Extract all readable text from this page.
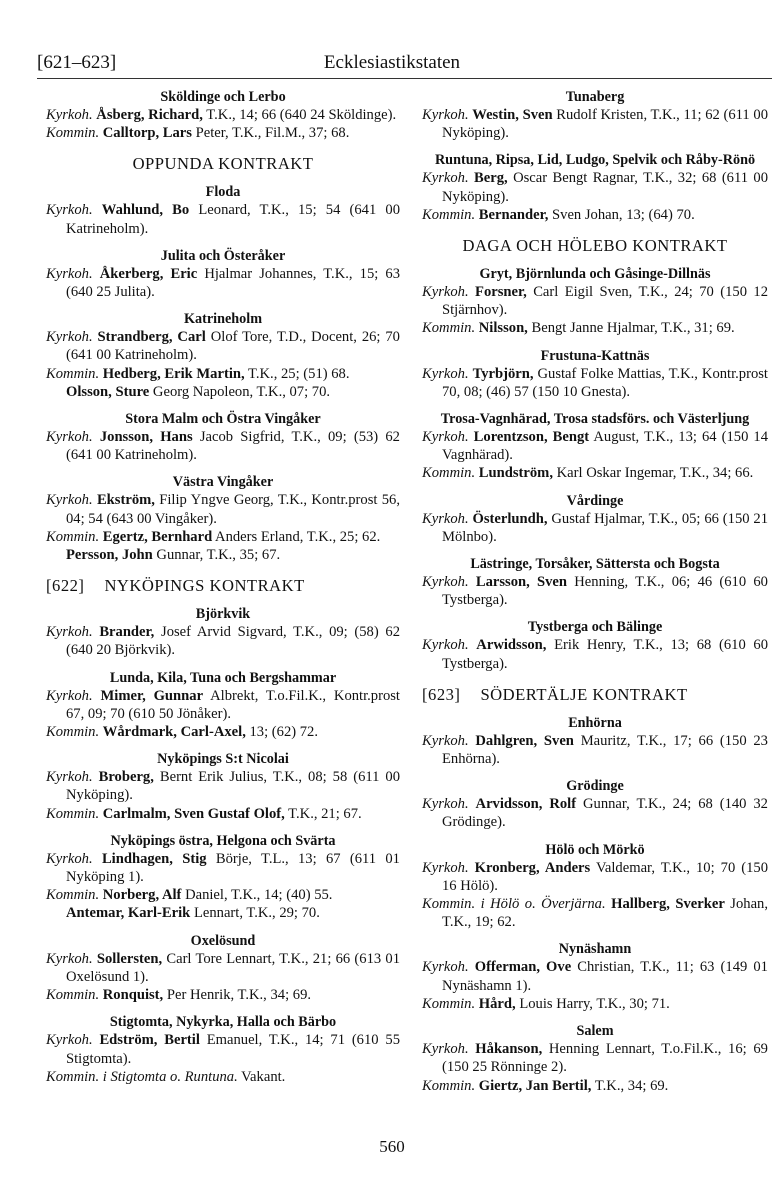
[621–623]	Ecklesiastikstaten
Sköldinge och Lerbo
Kyrkoh. Åsberg, Richard, T.K., 14; 66 (640 24 Sköldinge).
Kommin. Calltorp, Lars Peter, T.K., Fil.M., 37; 68.
OPPUNDA KONTRAKT
Floda
Kyrkoh. Wahlund, Bo Leonard, T.K., 15; 54 (641 00 Katrineholm).
Julita och Österåker
Kyrkoh. Åkerberg, Eric Hjalmar Johannes, T.K., 15; 63 (640 25 Julita).
Katrineholm
Kyrkoh. Strandberg, Carl Olof Tore, T.D., Docent, 26; 70 (641 00 Katrineholm).
Kommin. Hedberg, Erik Martin, T.K., 25; (51) 68.
Olsson, Sture Georg Napoleon, T.K., 07; 70.
Stora Malm och Östra Vingåker
Kyrkoh. Jonsson, Hans Jacob Sigfrid, T.K., 09; (53) 62 (641 00 Katrineholm).
Västra Vingåker
Kyrkoh. Ekström, Filip Yngve Georg, T.K., Kontr.prost 56, 04; 54 (643 00 Vingåker).
Kommin. Egertz, Bernhard Anders Erland, T.K., 25; 62.
Persson, John Gunnar, T.K., 35; 67.
[622] NYKÖPINGS KONTRAKT
Björkvik
Kyrkoh. Brander, Josef Arvid Sigvard, T.K., 09; (58) 62 (640 20 Björkvik).
Lunda, Kila, Tuna och Bergshammar
Kyrkoh. Mimer, Gunnar Albrekt, T.o.Fil.K., Kontr.prost 67, 09; 70 (610 50 Jönåker).
Kommin. Wårdmark, Carl-Axel, 13; (62) 72.
Nyköpings S:t Nicolai
Kyrkoh. Broberg, Bernt Erik Julius, T.K., 08; 58 (611 00 Nyköping).
Kommin. Carlmalm, Sven Gustaf Olof, T.K., 21; 67.
Nyköpings östra, Helgona och Svärta
Kyrkoh. Lindhagen, Stig Börje, T.L., 13; 67 (611 01 Nyköping 1).
Kommin. Norberg, Alf Daniel, T.K., 14; (40) 55.
Antemar, Karl-Erik Lennart, T.K., 29; 70.
Oxelösund
Kyrkoh. Sollersten, Carl Tore Lennart, T.K., 21; 66 (613 01 Oxelösund 1).
Kommin. Ronquist, Per Henrik, T.K., 34; 69.
Stigtomta, Nykyrka, Halla och Bärbo
Kyrkoh. Edström, Bertil Emanuel, T.K., 14; 71 (610 55 Stigtomta).
Kommin. i Stigtomta o. Runtuna. Vakant.
Tunaberg
Kyrkoh. Westin, Sven Rudolf Kristen, T.K., 11; 62 (611 00 Nyköping).
Runtuna, Ripsa, Lid, Ludgo, Spelvik och Råby-Rönö
Kyrkoh. Berg, Oscar Bengt Ragnar, T.K., 32; 68 (611 00 Nyköping).
Kommin. Bernander, Sven Johan, 13; (64) 70.
DAGA OCH HÖLEBO KONTRAKT
Gryt, Björnlunda och Gåsinge-Dillnäs
Kyrkoh. Forsner, Carl Eigil Sven, T.K., 24; 70 (150 12 Stjärnhov).
Kommin. Nilsson, Bengt Janne Hjalmar, T.K., 31; 69.
Frustuna-Kattnäs
Kyrkoh. Tyrbjörn, Gustaf Folke Mattias, T.K., Kontr.prost 70, 08; (46) 57 (150 10 Gnesta).
Trosa-Vagnhärad, Trosa stadsförs. och Västerljung
Kyrkoh. Lorentzson, Bengt August, T.K., 13; 64 (150 14 Vagnhärad).
Kommin. Lundström, Karl Oskar Ingemar, T.K., 34; 66.
Vårdinge
Kyrkoh. Österlundh, Gustaf Hjalmar, T.K., 05; 66 (150 21 Mölnbo).
Lästringe, Torsåker, Sättersta och Bogsta
Kyrkoh. Larsson, Sven Henning, T.K., 06; 46 (610 60 Tystberga).
Tystberga och Bälinge
Kyrkoh. Arwidsson, Erik Henry, T.K., 13; 68 (610 60 Tystberga).
[623] SÖDERTÄLJE KONTRAKT
Enhörna
Kyrkoh. Dahlgren, Sven Mauritz, T.K., 17; 66 (150 23 Enhörna).
Grödinge
Kyrkoh. Arvidsson, Rolf Gunnar, T.K., 24; 68 (140 32 Grödinge).
Hölö och Mörkö
Kyrkoh. Kronberg, Anders Valdemar, T.K., 10; 70 (150 16 Hölö).
Kommin. i Hölö o. Överjärna. Hallberg, Sverker Johan, T.K., 19; 62.
Nynäshamn
Kyrkoh. Offerman, Ove Christian, T.K., 11; 63 (149 01 Nynäshamn 1).
Kommin. Hård, Louis Harry, T.K., 30; 71.
Salem
Kyrkoh. Håkanson, Henning Lennart, T.o.Fil.K., 16; 69 (150 25 Rönninge 2).
Kommin. Giertz, Jan Bertil, T.K., 34; 69.
560
